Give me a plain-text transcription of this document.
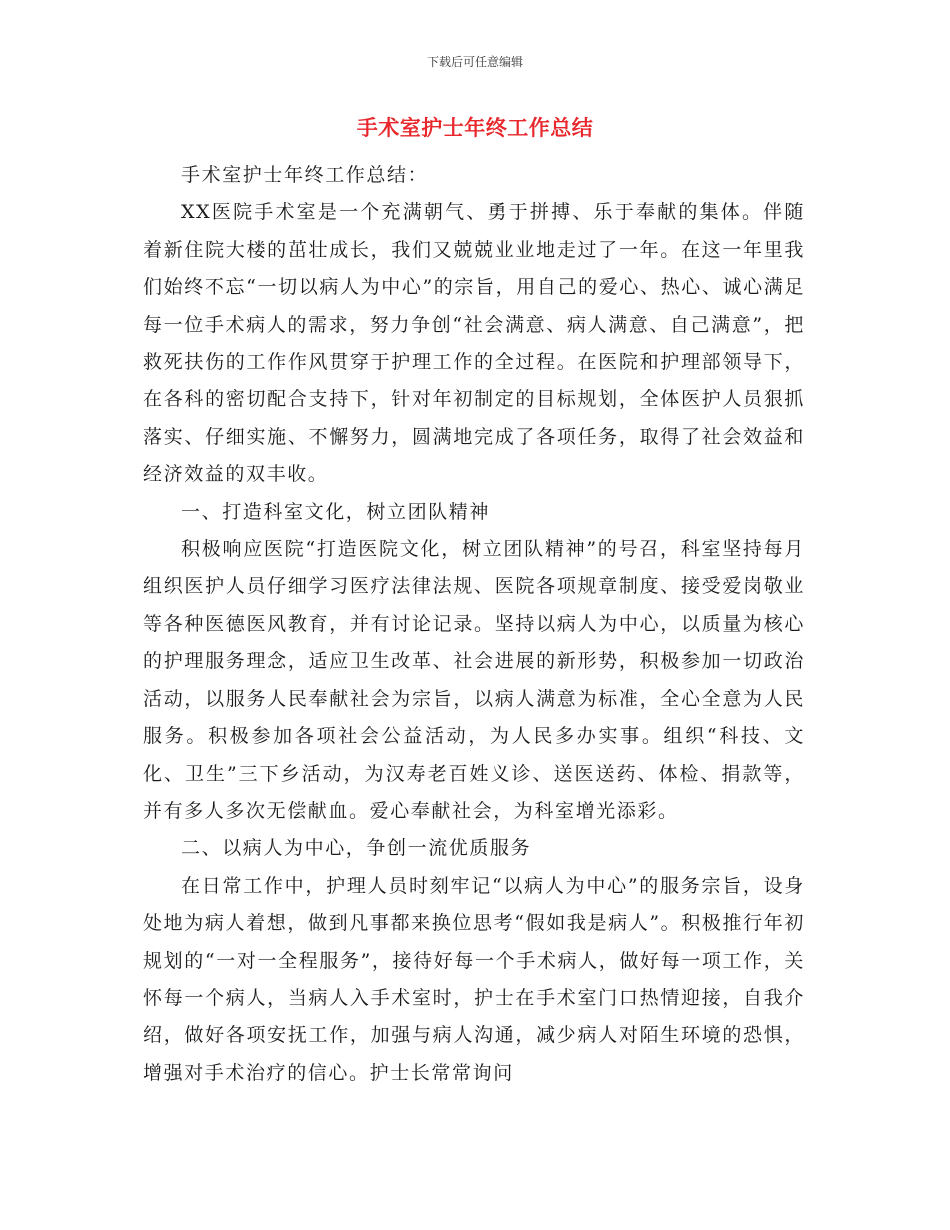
下载后可任意编辑
手术室护士年终工作总结

手术室护士年终工作总结：

XX医院手术室是一个充满朝气、勇于拼搏、乐于奉献的集体。伴随着新住院大楼的茁壮成长，我们又兢兢业业地走过了一年。在这一年里我们始终不忘“一切以病人为中心”的宗旨，用自己的爱心、热心、诚心满足每一位手术病人的需求，努力争创“社会满意、病人满意、自己满意”，把救死扶伤的工作作风贯穿于护理工作的全过程。在医院和护理部领导下，在各科的密切配合支持下，针对年初制定的目标规划，全体医护人员狠抓落实、仔细实施、不懈努力，圆满地完成了各项任务，取得了社会效益和经济效益的双丰收。

一、打造科室文化，树立团队精神

积极响应医院“打造医院文化，树立团队精神”的号召，科室坚持每月组织医护人员仔细学习医疗法律法规、医院各项规章制度、接受爱岗敬业等各种医德医风教育，并有讨论记录。坚持以病人为中心，以质量为核心的护理服务理念，适应卫生改革、社会进展的新形势，积极参加一切政治活动，以服务人民奉献社会为宗旨，以病人满意为标准，全心全意为人民服务。积极参加各项社会公益活动，为人民多办实事。组织“科技、文化、卫生”三下乡活动，为汉寿老百姓义诊、送医送药、体检、捐款等，并有多人多次无偿献血。爱心奉献社会，为科室增光添彩。

二、以病人为中心，争创一流优质服务

在日常工作中，护理人员时刻牢记“以病人为中心”的服务宗旨，设身处地为病人着想，做到凡事都来换位思考“假如我是病人”。积极推行年初规划的“一对一全程服务”，接待好每一个手术病人，做好每一项工作，关怀每一个病人，当病人入手术室时，护士在手术室门口热情迎接，自我介绍，做好各项安抚工作，加强与病人沟通，减少病人对陌生环境的恐惧，增强对手术治疗的信心。护士长常常询问
